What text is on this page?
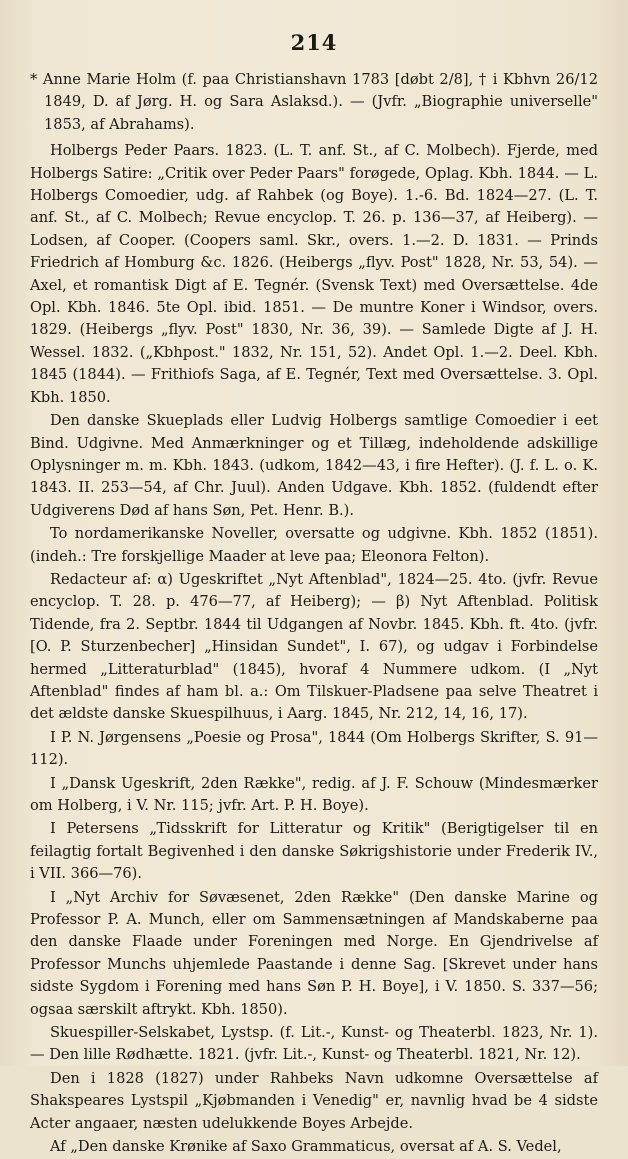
214

* Anne Marie Holm (f. paa Christianshavn 1783 [døbt 2/8], † i Kbhvn 26/12 1849, D. af Jørg. H. og Sara Aslaksd.). — (Jvfr. „Biographie universelle" 1853, af Abrahams).

Holbergs Peder Paars. 1823. (L. T. anf. St., af C. Molbech). Fjerde, med Holbergs Satire: „Critik over Peder Paars" forøgede, Oplag. Kbh. 1844. — L. Holbergs Comoedier, udg. af Rahbek (og Boye). 1.-6. Bd. 1824—27. (L. T. anf. St., af C. Molbech; Revue encyclop. T. 26. p. 136—37, af Heiberg). — Lodsen, af Cooper. (Coopers saml. Skr., overs. 1.—2. D. 1831. — Prinds Friedrich af Homburg &c. 1826. (Heibergs „flyv. Post" 1828, Nr. 53, 54). — Axel, et romantisk Digt af E. Tegnér. (Svensk Text) med Oversættelse. 4de Opl. Kbh. 1846. 5te Opl. ibid. 1851. — De muntre Koner i Windsor, overs. 1829. (Heibergs „flyv. Post" 1830, Nr. 36, 39). — Samlede Digte af J. H. Wessel. 1832. („Kbhpost." 1832, Nr. 151, 52). Andet Opl. 1.—2. Deel. Kbh. 1845 (1844). — Frithiofs Saga, af E. Tegnér, Text med Oversættelse. 3. Opl. Kbh. 1850.

Den danske Skueplads eller Ludvig Holbergs samtlige Comoedier i eet Bind. Udgivne. Med Anmærkninger og et Tillæg, indeholdende adskillige Oplysninger m. m. Kbh. 1843. (udkom, 1842—43, i fire Hefter). (J. f. L. o. K. 1843. II. 253—54, af Chr. Juul). Anden Udgave. Kbh. 1852. (fuldendt efter Udgiverens Død af hans Søn, Pet. Henr. B.).

To nordamerikanske Noveller, oversatte og udgivne. Kbh. 1852 (1851). (indeh.: Tre forskjellige Maader at leve paa; Eleonora Felton).

Redacteur af: α) Ugeskriftet „Nyt Aftenblad", 1824—25. 4to. (jvfr. Revue encyclop. T. 28. p. 476—77, af Heiberg); — β) Nyt Aftenblad. Politisk Tidende, fra 2. Septbr. 1844 til Udgangen af Novbr. 1845. Kbh. ft. 4to. (jvfr. [O. P. Sturzenbecher] „Hinsidan Sundet", I. 67), og udgav i Forbindelse hermed „Litteraturblad" (1845), hvoraf 4 Nummere udkom. (I „Nyt Aftenblad" findes af ham bl. a.: Om Tilskuer-Pladsene paa selve Theatret i det ældste danske Skuespilhuus, i Aarg. 1845, Nr. 212, 14, 16, 17).

I P. N. Jørgensens „Poesie og Prosa", 1844 (Om Holbergs Skrifter, S. 91—112).

I „Dansk Ugeskrift, 2den Række", redig. af J. F. Schouw (Mindesmærker om Holberg, i V. Nr. 115; jvfr. Art. P. H. Boye).

I Petersens „Tidsskrift for Litteratur og Kritik" (Berigtigelser til en feilagtig fortalt Begivenhed i den danske Søkrigshistorie under Frederik IV., i VII. 366—76).

I „Nyt Archiv for Søvæsenet, 2den Række" (Den danske Marine og Professor P. A. Munch, eller om Sammensætningen af Mandskaberne paa den danske Flaade under Foreningen med Norge. En Gjendrivelse af Professor Munchs uhjemlede Paastande i denne Sag. [Skrevet under hans sidste Sygdom i Forening med hans Søn P. H. Boye], i V. 1850. S. 337—56; ogsaa særskilt aftrykt. Kbh. 1850).

Skuespiller-Selskabet, Lystsp. (f. Lit.-, Kunst- og Theaterbl. 1823, Nr. 1). — Den lille Rødhætte. 1821. (jvfr. Lit.-, Kunst- og Theaterbl. 1821, Nr. 12).

Den i 1828 (1827) under Rahbeks Navn udkomne Oversættelse af Shakspeares Lystspil „Kjøbmanden i Venedig" er, navnlig hvad be 4 sidste Acter angaaer, næsten udelukkende Boyes Arbejde.

Af „Den danske Krønike af Saxo Grammaticus, oversat af A. S. Vedel,
